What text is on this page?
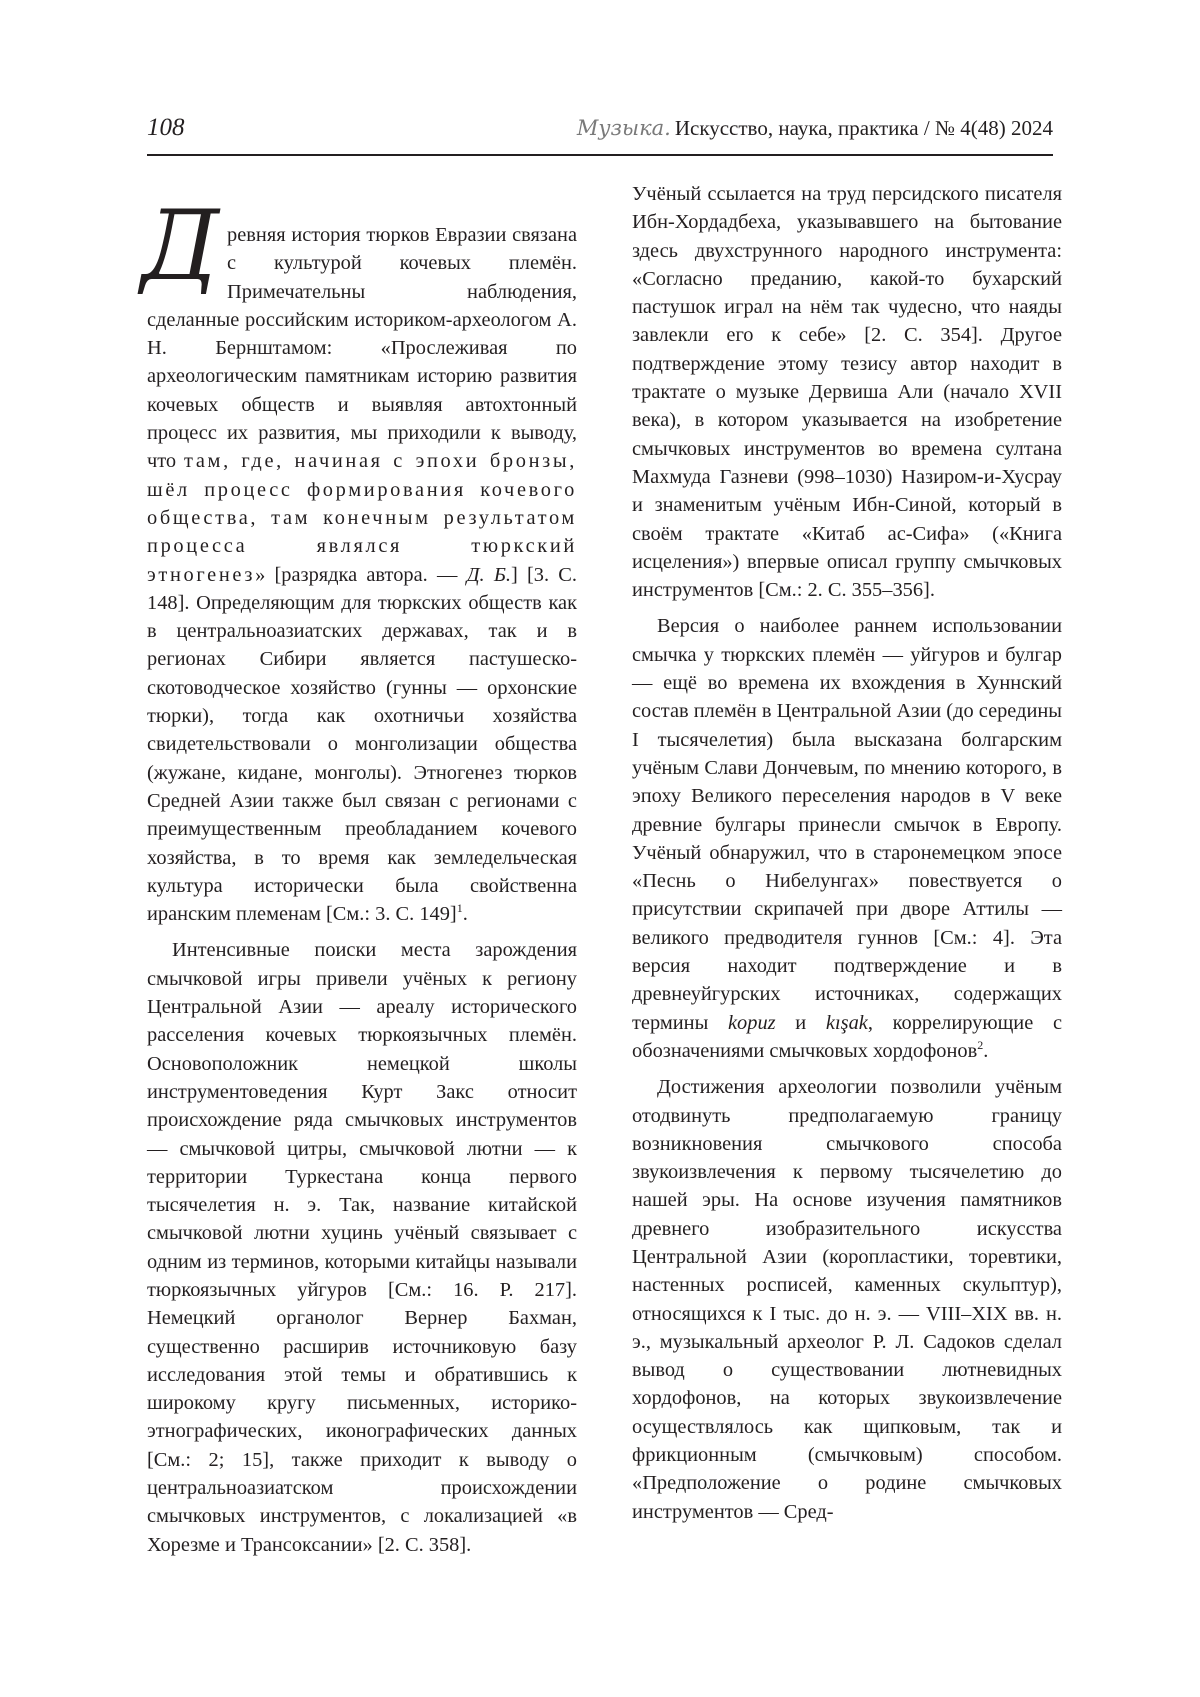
108	Музыка. Искусство, наука, практика / № 4(48) 2024

Древняя история тюрков Евразии связана с культурой кочевых племён. Примечательны наблюдения, сделанные российским историком-археологом А. Н. Бернштамом: «Прослеживая по археологическим памятникам историю развития кочевых обществ и выявляя автохтонный процесс их развития, мы приходили к выводу, что там, где, начиная с эпохи бронзы, шёл процесс формирования кочевого общества, там конечным результатом процесса являлся тюркский этногенез» [разрядка автора. — Д. Б.] [3. С. 148]. Определяющим для тюркских обществ как в центральноазиатских державах, так и в регионах Сибири является пастушеско-скотоводческое хозяйство (гунны — орхонские тюрки), тогда как охотничьи хозяйства свидетельствовали о монголизации общества (жужане, кидане, монголы). Этногенез тюрков Средней Азии также был связан с регионами с преимущественным преобладанием кочевого хозяйства, в то время как земледельческая культура исторически была свойственна иранским племенам [См.: 3. С. 149]$^1$.

Интенсивные поиски места зарождения смычковой игры привели учёных к региону Центральной Азии — ареалу исторического расселения кочевых тюркоязычных племён. Основоположник немецкой школы инструментоведения Курт Закс относит происхождение ряда смычковых инструментов — смычковой цитры, смычковой лютни — к территории Туркестана конца первого тысячелетия н. э. Так, название китайской смычковой лютни хуцинь учёный связывает с одним из терминов, которыми китайцы называли тюркоязычных уйгуров [См.: 16. Р. 217]. Немецкий органолог Вернер Бахман, существенно расширив источниковую базу исследования этой темы и обратившись к широкому кругу письменных, историко-этнографических, иконографических данных [См.: 2; 15], также приходит к выводу о центральноазиатском происхождении смычковых инструментов, с локализацией «в Хорезме и Трансоксании» [2. С. 358].

Учёный ссылается на труд персидского писателя Ибн-Хордадбеха, указывавшего на бытование здесь двухструнного народного инструмента: «Согласно преданию, какой-то бухарский пастушок играл на нём так чудесно, что наяды завлекли его к себе» [2. С. 354]. Другое подтверждение этому тезису автор находит в трактате о музыке Дервиша Али (начало XVII века), в котором указывается на изобретение смычковых инструментов во времена султана Махмуда Газневи (998–1030) Назиром-и-Хусрау и знаменитым учёным Ибн-Синой, который в своём трактате «Китаб ас-Сифа» («Книга исцеления») впервые описал группу смычковых инструментов [См.: 2. С. 355–356].

Версия о наиболее раннем использовании смычка у тюркских племён — уйгуров и булгар — ещё во времена их вхождения в Хуннский состав племён в Центральной Азии (до середины I тысячелетия) была высказана болгарским учёным Слави Дончевым, по мнению которого, в эпоху Великого переселения народов в V веке древние булгары принесли смычок в Европу. Учёный обнаружил, что в старонемецком эпосе «Песнь о Нибелунгах» повествуется о присутствии скрипачей при дворе Аттилы — великого предводителя гуннов [См.: 4]. Эта версия находит подтверждение и в древнеуйгурских источниках, содержащих термины kopuz и kışak, коррелирующие с обозначениями смычковых хордофонов$^2$.

Достижения археологии позволили учёным отодвинуть предполагаемую границу возникновения смычкового способа звукоизвлечения к первому тысячелетию до нашей эры. На основе изучения памятников древнего изобразительного искусства Центральной Азии (коропластики, торевтики, настенных росписей, каменных скульптур), относящихся к I тыс. до н. э. — VIII–XIX вв. н. э., музыкальный археолог Р. Л. Садоков сделал вывод о существовании лютневидных хордофонов, на которых звукоизвлечение осуществлялось как щипковым, так и фрикционным (смычковым) способом. «Предположение о родине смычковых инструментов — Сред-
